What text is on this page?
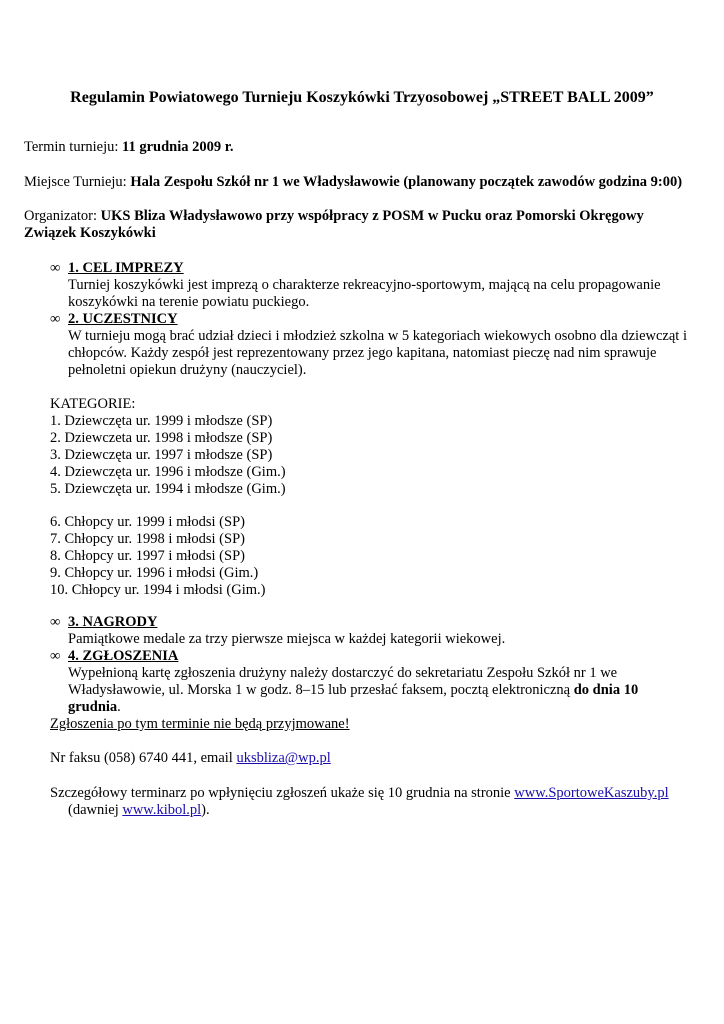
Regulamin Powiatowego Turnieju Koszykówki Trzyosobowej „STREET BALL 2009”
Termin turnieju: 11 grudnia 2009 r.
Miejsce Turnieju: Hala Zespołu Szkół nr 1 we Władysławowie (planowany początek zawodów godzina 9:00)
Organizator: UKS Bliza Władysławowo przy współpracy z POSM w Pucku oraz Pomorski Okręgowy
Związek Koszykówki
∞ 1. CEL IMPREZY
Turniej koszykówki jest imprezą o charakterze rekreacyjno-sportowym, mającą na celu propagowanie
koszykówki na terenie powiatu puckiego.
∞ 2. UCZESTNICY
W turnieju mogą brać udział dzieci i młodzież szkolna w 5 kategoriach wiekowych osobno dla dziewcząt i
chłopców. Każdy zespół jest reprezentowany przez jego kapitana, natomiast pieczę nad nim sprawuje
pełnoletni opiekun drużyny (nauczyciel).
KATEGORIE:
1. Dziewczęta ur. 1999 i młodsze (SP)
2. Dziewczeta ur. 1998 i młodsze (SP)
3. Dziewczęta ur. 1997 i młodsze (SP)
4. Dziewczęta ur. 1996 i młodsze (Gim.)
5. Dziewczęta ur. 1994 i młodsze (Gim.)
6. Chłopcy ur. 1999 i młodsi (SP)
7. Chłopcy ur. 1998 i młodsi (SP)
8. Chłopcy ur. 1997 i młodsi (SP)
9. Chłopcy ur. 1996 i młodsi (Gim.)
10. Chłopcy ur. 1994 i młodsi (Gim.)
∞ 3. NAGRODY
Pamiątkowe medale za trzy pierwsze miejsca w każdej kategorii wiekowej.
∞ 4. ZGŁOSZENIA
Wypełnioną kartę zgłoszenia drużyny należy dostarczyć do sekretariatu Zespołu Szkół nr 1 we
Władysławowie, ul. Morska 1 w godz. 8–15 lub przesłać faksem, pocztą elektroniczną do dnia 10
grudnia.
Zgłoszenia po tym terminie nie będą przyjmowane!
Nr faksu (058) 6740 441, email uksbliza@wp.pl
Szczegółowy terminarz po wpłynięciu zgłoszeń ukaże się 10 grudnia na stronie www.SportoweKaszuby.pl
(dawniej www.kibol.pl).
